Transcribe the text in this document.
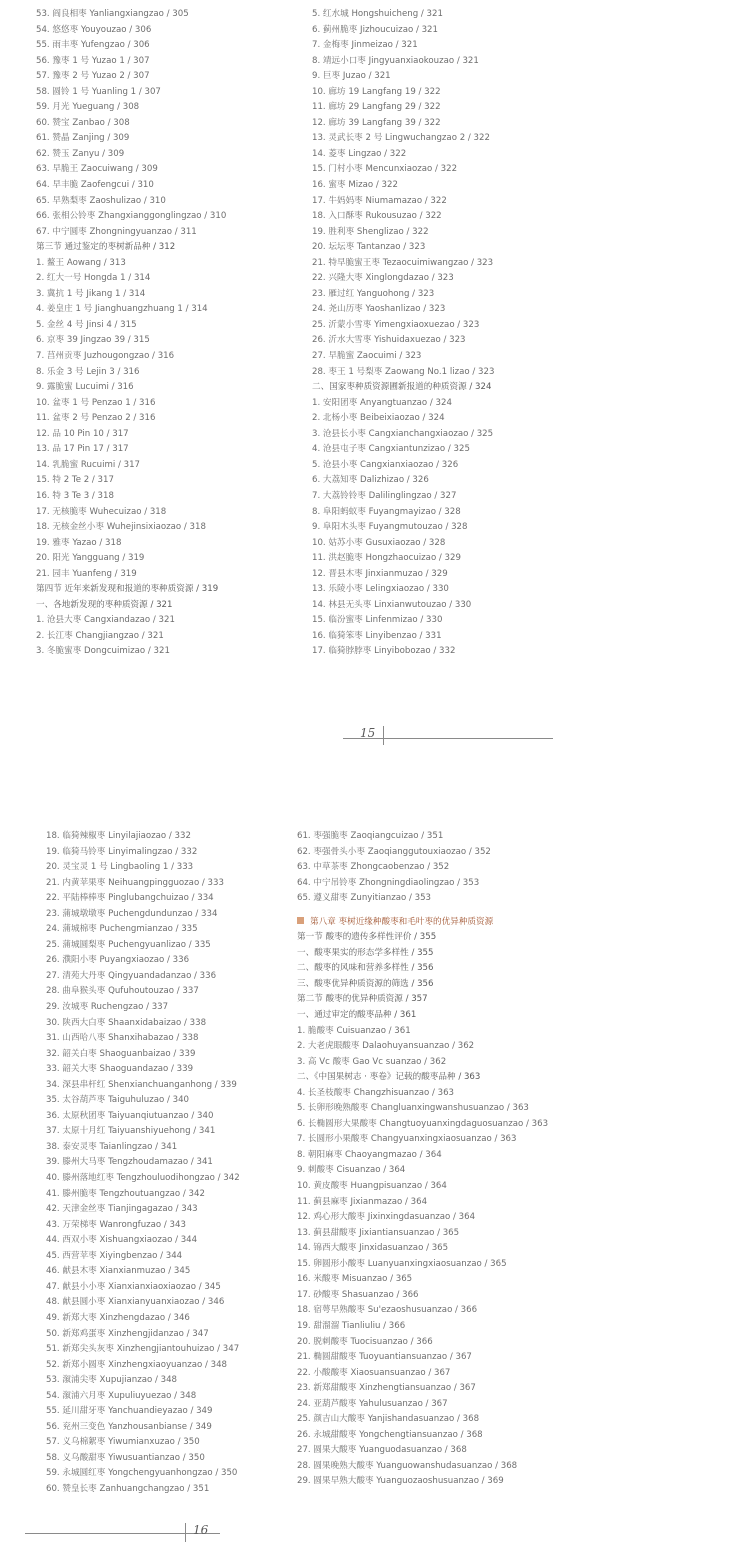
53. 阎良相枣 Yanliangxiangzao / 305
54. 悠悠枣 Youyouzao / 306
55. 雨丰枣 Yufengzao / 306
56. 豫枣 1 号 Yuzao 1 / 307
57. 豫枣 2 号 Yuzao 2 / 307
58. 圆铃 1 号 Yuanling 1 / 307
59. 月光 Yueguang / 308
60. 赞宝 Zanbao / 308
61. 赞晶 Zanjing / 309
62. 赞玉 Zanyu / 309
63. 早脆王 Zaocuiwang / 309
64. 早丰脆 Zaofengcui / 310
65. 早熟梨枣 Zaoshulizao / 310
66. 张相公铃枣 Zhangxianggonglingzao / 310
67. 中宁圆枣 Zhongningyuanzao / 311
第三节 通过鉴定的枣树新品种 / 312
1. 鳌王 Aowang / 313
2. 红大一号 Hongda 1 / 314
3. 冀抗 1 号 Jikang 1 / 314
4. 姜皇庄 1 号 Jianghuangzhuang 1 / 314
5. 金丝 4 号 Jinsi 4 / 315
6. 京枣 39 Jingzao 39 / 315
7. 莒州贡枣 Juzhougongzao / 316
8. 乐金 3 号 Lejin 3 / 316
9. 露脆蜜 Lucuimi / 316
10. 盆枣 1 号 Penzao 1 / 316
11. 盆枣 2 号 Penzao 2 / 316
12. 品 10 Pin 10 / 317
13. 品 17 Pin 17 / 317
14. 乳脆蜜 Rucuimi / 317
15. 特 2 Te 2 / 317
16. 特 3 Te 3 / 318
17. 无核脆枣 Wuhecuizao / 318
18. 无核金丝小枣 Wuhejinsixiaozao / 318
19. 雅枣 Yazao / 318
20. 阳光 Yangguang / 319
21. 园丰 Yuanfeng / 319
第四节 近年来新发现和报道的枣种质资源 / 319
一、各地新发现的枣种质资源 / 321
1. 沧县大枣 Cangxiandazao / 321
2. 长江枣 Changjiangzao / 321
3. 冬脆蜜枣 Dongcuimizao / 321
5. 红水城 Hongshuicheng / 321
6. 蓟州脆枣 Jizhoucuizao / 321
7. 金梅枣 Jinmeizao / 321
8. 靖远小口枣 Jingyuanxiaokouzao / 321
9. 巨枣 Juzao / 321
10. 廊坊 19 Langfang 19 / 322
11. 廊坊 29 Langfang 29 / 322
12. 廊坊 39 Langfang 39 / 322
13. 灵武长枣 2 号 Lingwuchangzao 2 / 322
14. 菱枣 Lingzao / 322
15. 门村小枣 Mencunxiaozao / 322
16. 蜜枣 Mizao / 322
17. 牛妈妈枣 Niumamazao / 322
18. 入口酥枣 Rukousuzao / 322
19. 胜利枣 Shenglizao / 322
20. 坛坛枣 Tantanzao / 323
21. 特早脆蜜王枣 Tezaocuimiwangzao / 323
22. 兴隆大枣 Xinglongdazao / 323
23. 雁过红 Yanguohong / 323
24. 尧山历枣 Yaoshanlizao / 323
25. 沂蒙小雪枣 Yimengxiaoxuezao / 323
26. 沂水大雪枣 Yishuidaxuezao / 323
27. 早脆蜜 Zaocuimi / 323
28. 枣王 1 号梨枣 Zaowang No.1 lizao / 323
二、国家枣种质资源圃新报道的种质资源 / 324
1. 安阳团枣 Anyangtuanzao / 324
2. 北杨小枣 Beibeixiaozao / 324
3. 沧县长小枣 Cangxianchangxiaozao / 325
4. 沧县屯子枣 Cangxiantunzizao / 325
5. 沧县小枣 Cangxianxiaozao / 326
6. 大荔知枣 Dalizhizao / 326
7. 大荔铃铃枣 Dalilinglingzao / 327
8. 阜阳蚂蚁枣 Fuyangmayizao / 328
9. 阜阳木头枣 Fuyangmutouzao / 328
10. 姑苏小枣 Gusuxiaozao / 328
11. 洪赵脆枣 Hongzhaocuizao / 329
12. 晋县木枣 Jinxianmuzao / 329
13. 乐陵小枣 Lelingxiaozao / 330
14. 林县无头枣 Linxianwutouzao / 330
15. 临汾蜜枣 Linfenmizao / 330
16. 临猗笨枣 Linyibenzao / 331
17. 临猗脖脖枣 Linyibobozao / 332
15
18. 临猗辣椒枣 Linyilajiaozao / 332
19. 临猗马铃枣 Linyimalingzao / 332
20. 灵宝灵 1 号 Lingbaoling 1 / 333
21. 内黄苹果枣 Neihuangpingguozao / 333
22. 平陆棒棒枣 Pinglubangchuizao / 334
23. 蒲城墩墩枣 Puchengdundunzao / 334
24. 蒲城棉枣 Puchengmianzao / 335
25. 蒲城圆梨枣 Puchengyuanlizao / 335
26. 濮阳小枣 Puyangxiaozao / 336
27. 清苑大丹枣 Qingyuandadanzao / 336
28. 曲阜猴头枣 Qufuhoutouzao / 337
29. 汝城枣 Ruchengzao / 337
30. 陕西大白枣 Shaanxidabaizao / 338
31. 山西哈八枣 Shanxihabazao / 338
32. 韶关白枣 Shaoguanbaizao / 339
33. 韶关大枣 Shaoguandazao / 339
34. 深县串杆红 Shenxianchuanganhong / 339
35. 太谷葫芦枣 Taiguhuluzao / 340
36. 太原秋团枣 Taiyuanqiutuanzao / 340
37. 太原十月红 Taiyuanshiyuehong / 341
38. 泰安灵枣 Taianlingzao / 341
39. 滕州大马枣 Tengzhoudamazao / 341
40. 滕州落地红枣 Tengzhouluodihongzao / 342
41. 滕州脆枣 Tengzhoutuangzao / 342
42. 天津金丝枣 Tianjingagazao / 343
43. 万荣梯枣 Wanrongfuzao / 343
44. 西双小枣 Xishuangxiaozao / 344
45. 西营苹枣 Xiyingbenzao / 344
46. 献县木枣 Xianxianmuzao / 345
47. 献县小小枣 Xianxianxiaoxiaozao / 345
48. 献县圆小枣 Xianxianyuanxiaozao / 346
49. 新郑大枣 Xinzhengdazao / 346
50. 新郑鸡蛋枣 Xinzhengjidanzao / 347
51. 新郑尖头灰枣 Xinzhengjiantouhuizao / 347
52. 新郑小圆枣 Xinzhengxiaoyuanzao / 348
53. 溆浦尖枣 Xupujianzao / 348
54. 溆浦六月枣 Xupuliuyuezao / 348
55. 延川甜牙枣 Yanchuandieyazao / 349
56. 兖州三变色 Yanzhousanbianse / 349
57. 义乌棉絮枣 Yiwumianxuzao / 350
58. 义乌酸甜枣 Yiwusuantianzao / 350
59. 永城圆红枣 Yongchengyuanhongzao / 350
60. 赞皇长枣 Zanhuangchangzao / 351
61. 枣强脆枣 Zaoqiangcuizao / 351
62. 枣强骨头小枣 Zaoqianggutouxiaozao / 352
63. 中草茶枣 Zhongcaobenzao / 352
64. 中宁吊铃枣 Zhongningdiaolingzao / 353
65. 遵义甜枣 Zunyitianzao / 353
第八章 枣树近缘种酸枣和毛叶枣的优异种质资源
第一节 酸枣的遗传多样性评价 / 355
一、酸枣果实的形态学多样性 / 355
二、酸枣的风味和营养多样性 / 356
三、酸枣优异种质资源的筛选 / 356
第二节 酸枣的优异种质资源 / 357
一、通过审定的酸枣品种 / 361
1. 脆酸枣 Cuisuanzao / 361
2. 大老虎眼酸枣 Dalaohuyansuanzao / 362
3. 高 Vc 酸枣 Gao Vc suanzao / 362
二、《中国果树志 · 枣卷》记载的酸枣品种 / 363
4. 长圣枝酸枣 Changzhisuanzao / 363
5. 长卵形晚熟酸枣 Changluanxingwanshusuanzao / 363
6. 长椭圆形大果酸枣 Changtuoyuanxingdaguosuanzao / 363
7. 长圆形小果酸枣 Changyuanxingxiaosuanzao / 363
8. 朝阳麻枣 Chaoyangmazao / 364
9. 刺酸枣 Cisuanzao / 364
10. 黄皮酸枣 Huangpisuanzao / 364
11. 蓟县麻枣 Jixianmazao / 364
12. 鸡心形大酸枣 Jixinxingdasuanzao / 364
13. 蓟县甜酸枣 Jixiantiansuanzao / 365
14. 锦西大酸枣 Jinxidasuanzao / 365
15. 卵圆形小酸枣 Luanyuanxingxiaosuanzao / 365
16. 米酸枣 Misuanzao / 365
17. 砂酸枣 Shasuanzao / 366
18. 宿萼早熟酸枣 Su'ezaoshusuanzao / 366
19. 甜溜溜 Tianliuliu / 366
20. 脱刺酸枣 Tuocisuanzao / 366
21. 椭圆甜酸枣 Tuoyuantiansuanzao / 367
22. 小酸酸枣 Xiaosuansuanzao / 367
23. 新郑甜酸枣 Xinzhengtiansuanzao / 367
24. 亚葫芦酸枣 Yahulusuanzao / 367
25. 颜吉山大酸枣 Yanjishandasuanzao / 368
26. 永城甜酸枣 Yongchengtiansuanzao / 368
27. 圆果大酸枣 Yuanguodasuanzao / 368
28. 圆果晚熟大酸枣 Yuanguowanshudasuanzao / 368
29. 圆果早熟大酸枣 Yuanguozaoshusuanzao / 369
16
